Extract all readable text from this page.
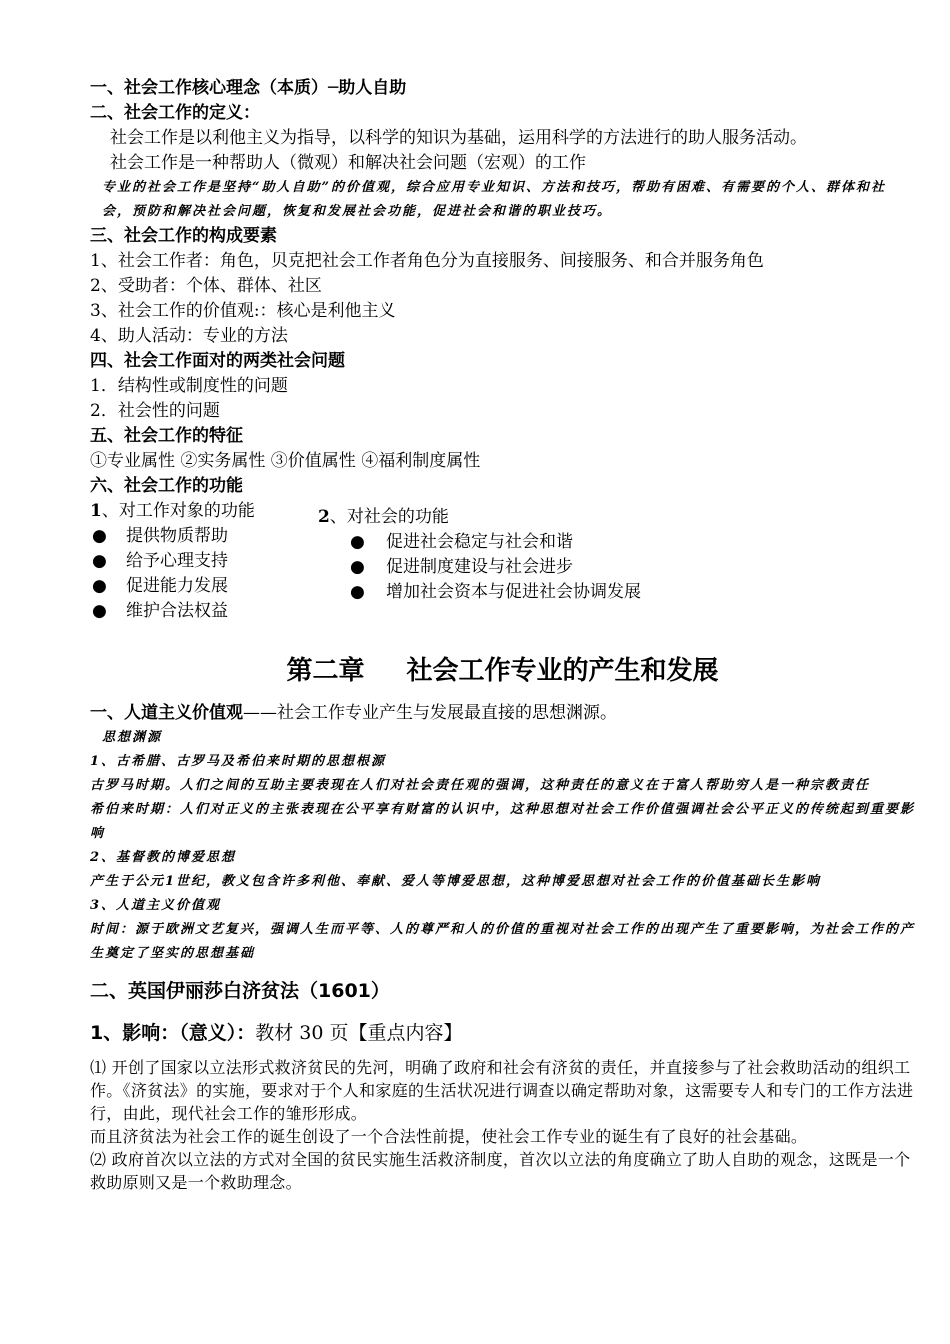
一、社会工作核心理念（本质）─助人自助
二、社会工作的定义：
社会工作是以利他主义为指导，以科学的知识为基础，运用科学的方法进行的助人服务活动。
社会工作是一种帮助人（微观）和解决社会问题（宏观）的工作
专业的社会工作是坚持“助人自助”的价值观，综合应用专业知识、方法和技巧，帮助有困难、有需要的个人、群体和社会，预防和解决社会问题，恢复和发展社会功能，促进社会和谐的职业技巧。
三、社会工作的构成要素
1、社会工作者：角色，贝克把社会工作者角色分为直接服务、间接服务、和合并服务角色
2、受助者：个体、群体、社区
3、社会工作的价值观:：核心是利他主义
4、助人活动：专业的方法
四、社会工作面对的两类社会问题
1．结构性或制度性的问题
2．社会性的问题
五、社会工作的特征
①专业属性 ②实务属性 ③价值属性 ④福利制度属性
六、社会工作的功能
1、对工作对象的功能
● 提供物质帮助
● 给予心理支持
● 促进能力发展
● 维护合法权益
2、对社会的功能
● 促进社会稳定与社会和谐
● 促进制度建设与社会进步
● 增加社会资本与促进社会协调发展
第二章 社会工作专业的产生和发展
一、人道主义价值观——社会工作专业产生与发展最直接的思想渊源。
思想渊源
1、古希腊、古罗马及希伯来时期的思想根源
古罗马时期。人们之间的互助主要表现在人们对社会责任观的强调，这种责任的意义在于富人帮助穷人是一种宗教责任
希伯来时期：人们对正义的主张表现在公平享有财富的认识中，这种思想对社会工作价值强调社会公平正义的传统起到重要影响
2、基督教的博爱思想
产生于公元1世纪，教义包含许多利他、奉献、爱人等博爱思想，这种博爱思想对社会工作的价值基础长生影响
3、人道主义价值观
时间：源于欧洲文艺复兴，强调人生而平等、人的尊严和人的价值的重视对社会工作的出现产生了重要影响，为社会工作的产生奠定了坚实的思想基础
二、英国伊丽莎白济贫法（1601）
1、影响：（意义）：教材 30 页【重点内容】
⑴ 开创了国家以立法形式救济贫民的先河，明确了政府和社会有济贫的责任，并直接参与了社会救助活动的组织工作。《济贫法》的实施，要求对于个人和家庭的生活状况进行调查以确定帮助对象，这需要专人和专门的工作方法进行，由此，现代社会工作的雏形形成。
而且济贫法为社会工作的诞生创设了一个合法性前提，使社会工作专业的诞生有了良好的社会基础。
⑵ 政府首次以立法的方式对全国的贫民实施生活救济制度，首次以立法的角度确立了助人自助的观念，这既是一个救助原则又是一个救助理念。
